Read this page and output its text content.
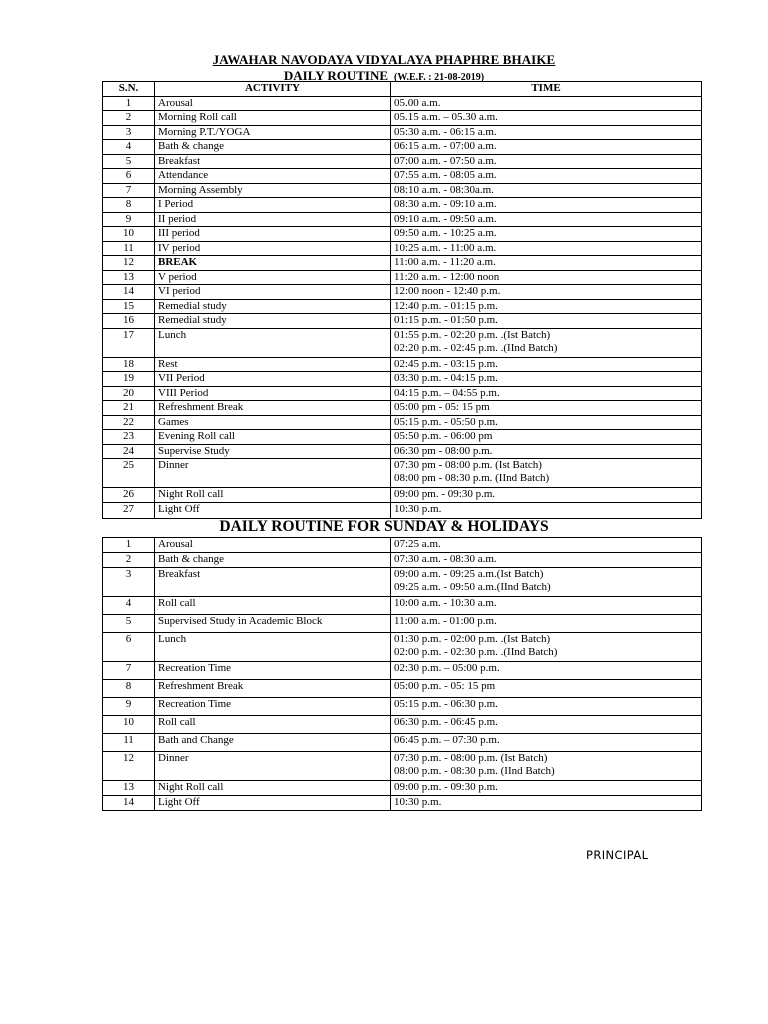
JAWAHAR NAVODAYA VIDYALAYA PHAPHRE BHAIKE
DAILY ROUTINE (W.E.F. : 21-08-2019)
S.N.	ACTIVITY	TIME
1	Arousal	05.00 a.m.

2	Morning Roll call	05.15 a.m. – 05.30 a.m.

3	Morning P.T./YOGA	05:30 a.m. - 06:15 a.m.

4	Bath & change	06:15 a.m. - 07:00 a.m.

5	Breakfast	07:00 a.m. - 07:50 a.m.

6	Attendance	07:55 a.m. - 08:05 a.m.

7	Morning Assembly	08:10 a.m. - 08:30a.m.

8	I Period	08:30 a.m. - 09:10 a.m.

9	II period	09:10 a.m. - 09:50 a.m.

10	III period	09:50 a.m. - 10:25 a.m.

11	IV period	10:25 a.m. - 11:00 a.m.

12	BREAK	11:00 a.m. - 11:20 a.m.

13	V period	11:20 a.m. - 12:00 noon

14	VI period	12:00 noon - 12:40 p.m.

15	Remedial study	12:40 p.m. - 01:15 p.m.

16	Remedial study	01:15 p.m. - 01:50 p.m.

17	Lunch	01:55 p.m. - 02:20 p.m. .(Ist Batch)
02:20 p.m. - 02:45 p.m. .(IInd Batch)

18	Rest	02:45 p.m. - 03:15 p.m.

19	VII Period	03:30 p.m. - 04:15 p.m.

20	VIII Period	04:15 p.m. – 04:55 p.m.

21	Refreshment Break	05:00 pm - 05: 15 pm

22	Games	05:15 p.m. - 05:50 p.m.

23	Evening Roll call	05:50 p.m. - 06:00 pm

24	Supervise Study	06:30 pm - 08:00 p.m.

25	Dinner	07:30 pm - 08:00 p.m. (Ist Batch)
08:00 pm - 08:30 p.m. (IInd Batch)

26	Night Roll call	09:00 pm. - 09:30 p.m.

27	Light Off	10:30 p.m.
DAILY ROUTINE FOR SUNDAY & HOLIDAYS
1	Arousal	07:25 a.m.

2	Bath & change	07:30 a.m. - 08:30 a.m.

3	Breakfast	09:00 a.m. - 09:25 a.m.(Ist Batch)
09:25 a.m. - 09:50 a.m.(IInd Batch)

4	Roll call	10:00 a.m. - 10:30 a.m.

5	Supervised Study in Academic Block	11:00 a.m. - 01:00 p.m.

6	Lunch	01:30 p.m. - 02:00 p.m. .(Ist Batch)
02:00 p.m. - 02:30 p.m. .(IInd Batch)

7	Recreation Time	02:30 p.m. – 05:00 p.m.

8	Refreshment Break	05:00 p.m. - 05: 15 pm

9	Recreation Time	05:15 p.m. - 06:30 p.m.

10	Roll call	06:30 p.m. - 06:45 p.m.

11	Bath and Change	06:45 p.m. – 07:30 p.m.

12	Dinner	07:30 p.m. - 08:00 p.m. (Ist Batch)
08:00 p.m. - 08:30 p.m. (IInd Batch)

13	Night Roll call	09:00 p.m. - 09:30 p.m.

14	Light Off	10:30 p.m.
PRINCIPAL
